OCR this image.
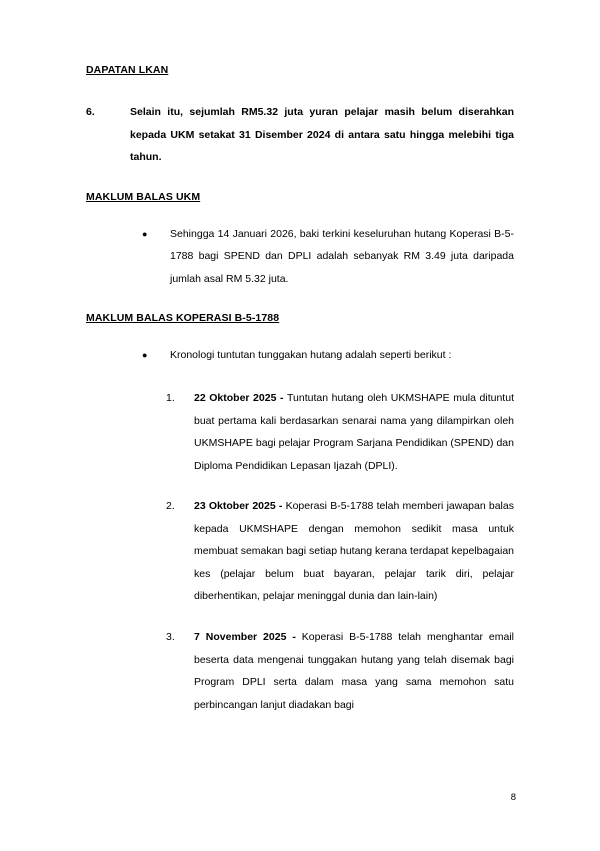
DAPATAN LKAN
6.	Selain itu, sejumlah RM5.32 juta yuran pelajar masih belum diserahkan kepada UKM setakat 31 Disember 2024 di antara satu hingga melebihi tiga tahun.
MAKLUM BALAS UKM
●	Sehingga 14 Januari 2026, baki terkini keseluruhan hutang Koperasi B-5-1788 bagi SPEND dan DPLI adalah sebanyak RM 3.49 juta daripada jumlah asal RM 5.32 juta.
MAKLUM BALAS KOPERASI B-5-1788
●	Kronologi tuntutan tunggakan hutang adalah seperti berikut :
1.	22 Oktober 2025 - Tuntutan hutang oleh UKMSHAPE mula dituntut buat pertama kali berdasarkan senarai nama yang dilampirkan oleh UKMSHAPE bagi pelajar Program Sarjana Pendidikan (SPEND) dan Diploma Pendidikan Lepasan Ijazah (DPLI).
2.	23 Oktober 2025 - Koperasi B-5-1788 telah memberi jawapan balas kepada UKMSHAPE dengan memohon sedikit masa untuk membuat semakan bagi setiap hutang kerana terdapat kepelbagaian kes (pelajar belum buat bayaran, pelajar tarik diri, pelajar diberhentikan, pelajar meninggal dunia dan lain-lain)
3.	7 November 2025 - Koperasi B-5-1788 telah menghantar email beserta data mengenai tunggakan hutang yang telah disemak bagi Program DPLI serta dalam masa yang sama memohon satu perbincangan lanjut diadakan bagi
8
